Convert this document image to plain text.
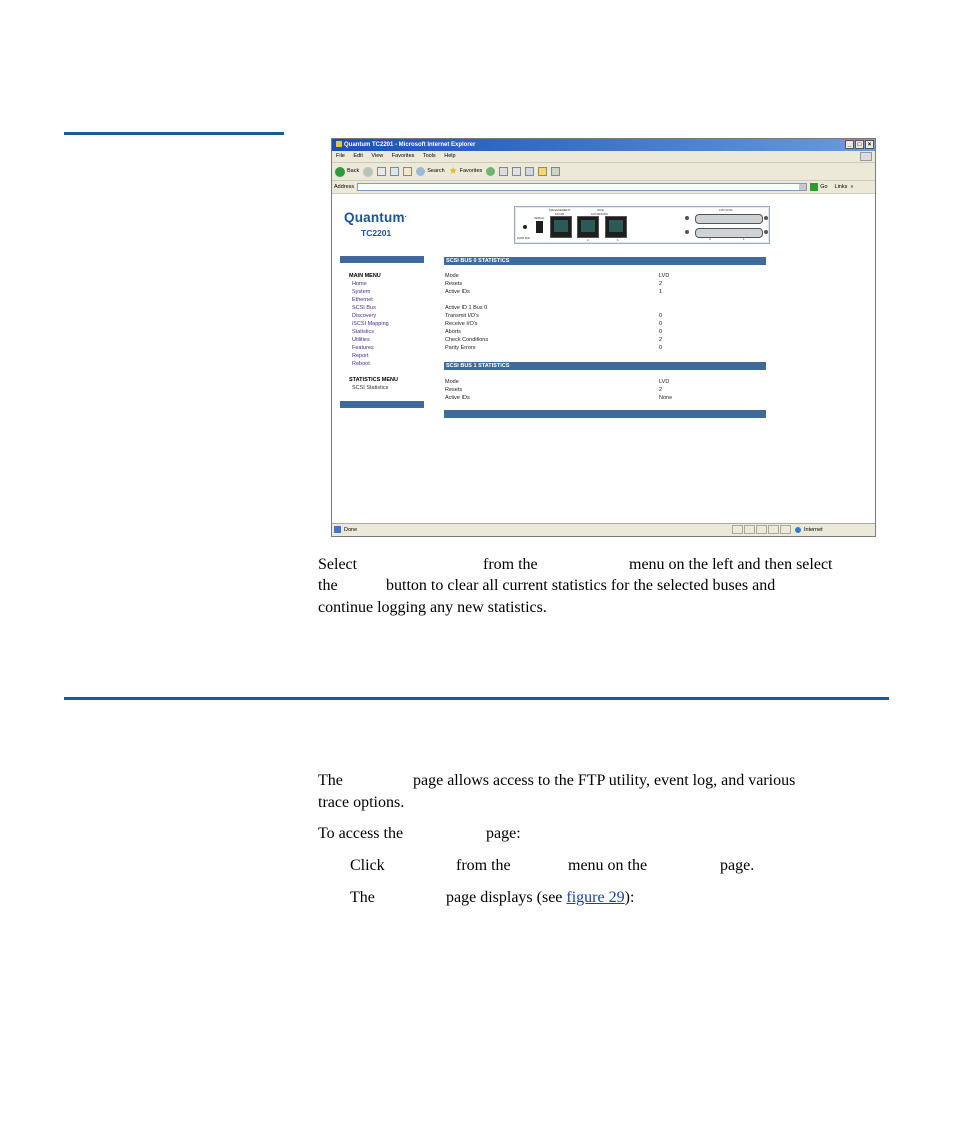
Quantum TC2201 - Microsoft Internet Explorer	_	□	×
File Edit View Favorites Tools Help
Back	Search ★ Favorites
Address	Go Links »
Quantum.
TC2201
SERIAL
MANAGEMENT
10/100
SCSI
10/100/1000
LVD SCSI
PWR IDS	2	1	0	1
MAIN MENU
Home
System
Ethernet
SCSI Bus
Discovery
iSCSI Mapping
Statistics
Utilities
Features
Report
Reboot
STATISTICS MENU
SCSI Statistics
SCSI BUS 0 STATISTICS
Mode	LVD
Resets	2
Active IDs	1
Active ID 1 Bus 0
Transmit I/O's	0
Receive I/O's	0
Aborts	0
Check Conditions	2
Parity Errors	0
SCSI BUS 1 STATISTICS
Mode	LVD
Resets	2
Active IDs	None
Done	Internet
Select	from the	menu on the left and then select
the	button to clear all current statistics for the selected buses and
continue logging any new statistics.
The	page allows access to the FTP utility, event log, and various
trace options.
To access the	page:
Click	from the	menu on the	page.
The	page displays (see figure 29):
